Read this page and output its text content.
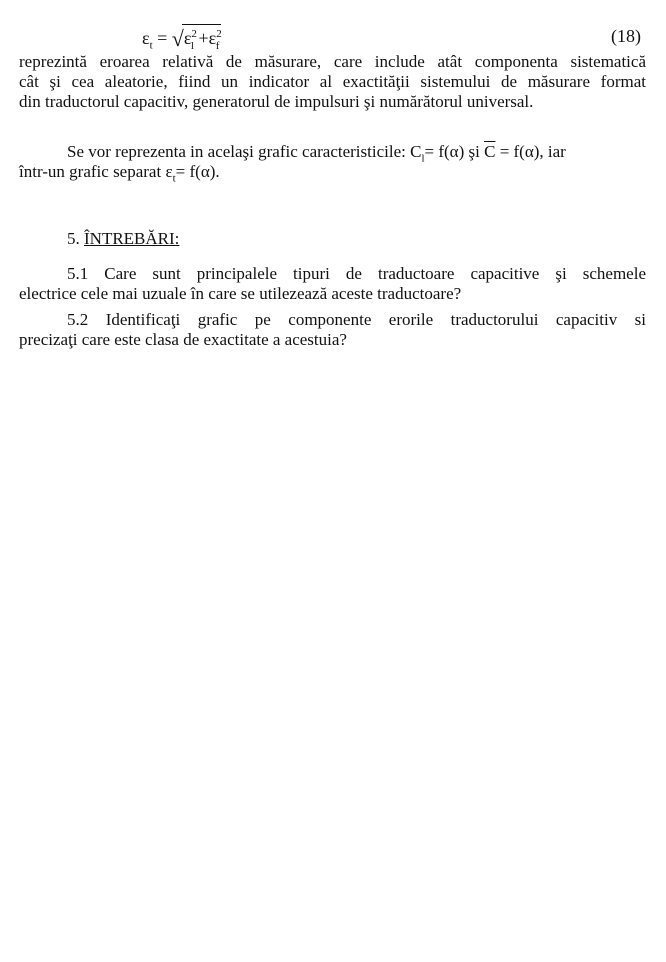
$\varepsilon_t = √\varepsilon^2_l +\varepsilon^2_f$	(18)
reprezintă eroarea relativă de măsurare, care include atât componenta sistematică
cât şi cea aleatorie, fiind un indicator al exactităţii sistemului de măsurare format
din traductorul capacitiv, generatorul de impulsuri şi numărătorul universal.
Se vor reprezenta in acelaşi grafic caracteristicile: $C_l= f(\alpha)$ şi $\overline{C} = f(\alpha)$, iar
într-un grafic separat $\varepsilon_t= f(\alpha)$.
5. ÎNTREBĂRI:
5.1 Care sunt principalele tipuri de traductoare capacitive şi schemele
electrice cele mai uzuale în care se utilezează aceste traductoare?
5.2 Identificaţi grafic pe componente erorile traductorului capacitiv si
precizaţi care este clasa de exactitate a acestuia?
